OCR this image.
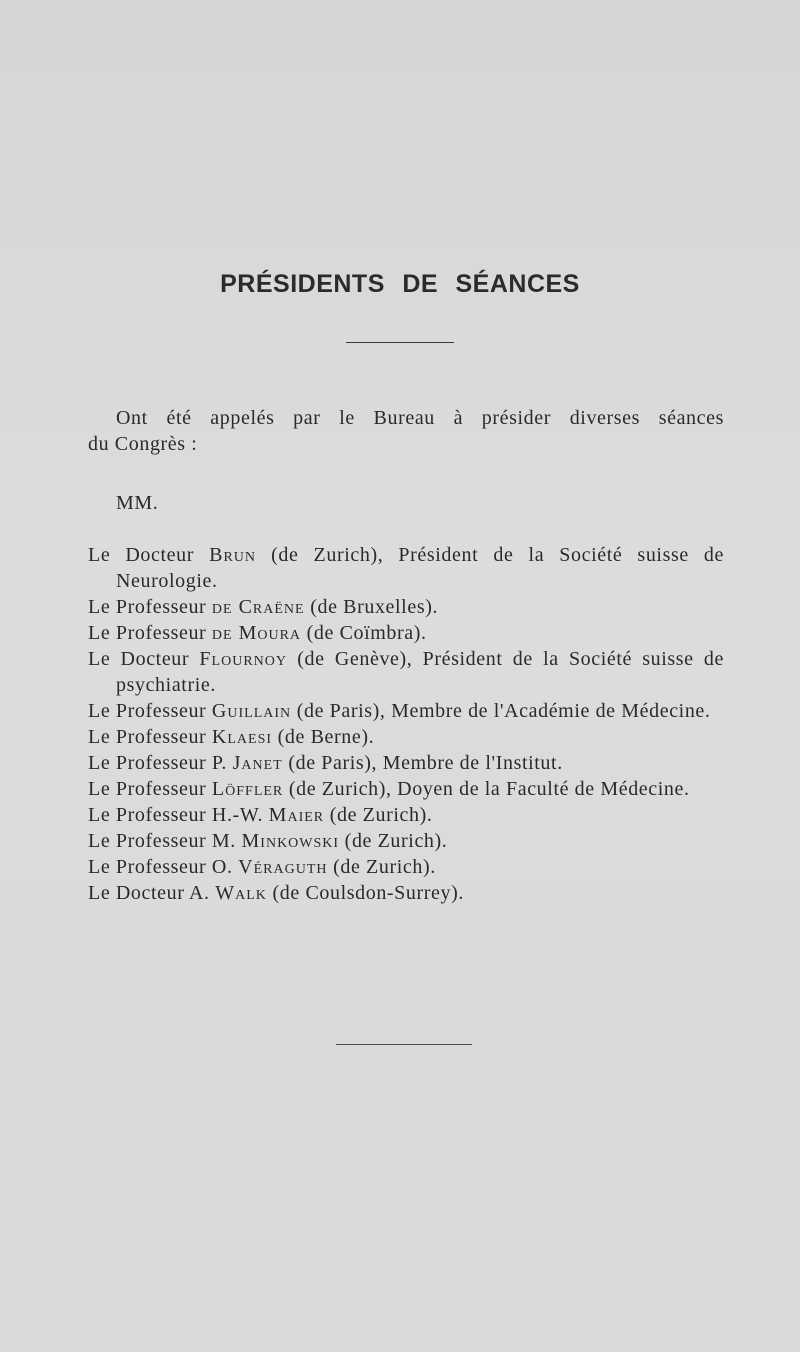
PRÉSIDENTS DE SÉANCES
Ont été appelés par le Bureau à présider diverses séances
du Congrès :
MM.
Le Docteur Brun (de Zurich), Président de la Société suisse de Neurologie.
Le Professeur de Craëne (de Bruxelles).
Le Professeur de Moura (de Coïmbra).
Le Docteur Flournoy (de Genève), Président de la Société suisse de psychiatrie.
Le Professeur Guillain (de Paris), Membre de l'Académie de Médecine.
Le Professeur Klaesi (de Berne).
Le Professeur P. Janet (de Paris), Membre de l'Institut.
Le Professeur Löffler (de Zurich), Doyen de la Faculté de Médecine.
Le Professeur H.-W. Maier (de Zurich).
Le Professeur M. Minkowski (de Zurich).
Le Professeur O. Véraguth (de Zurich).
Le Docteur A. Walk (de Coulsdon-Surrey).
